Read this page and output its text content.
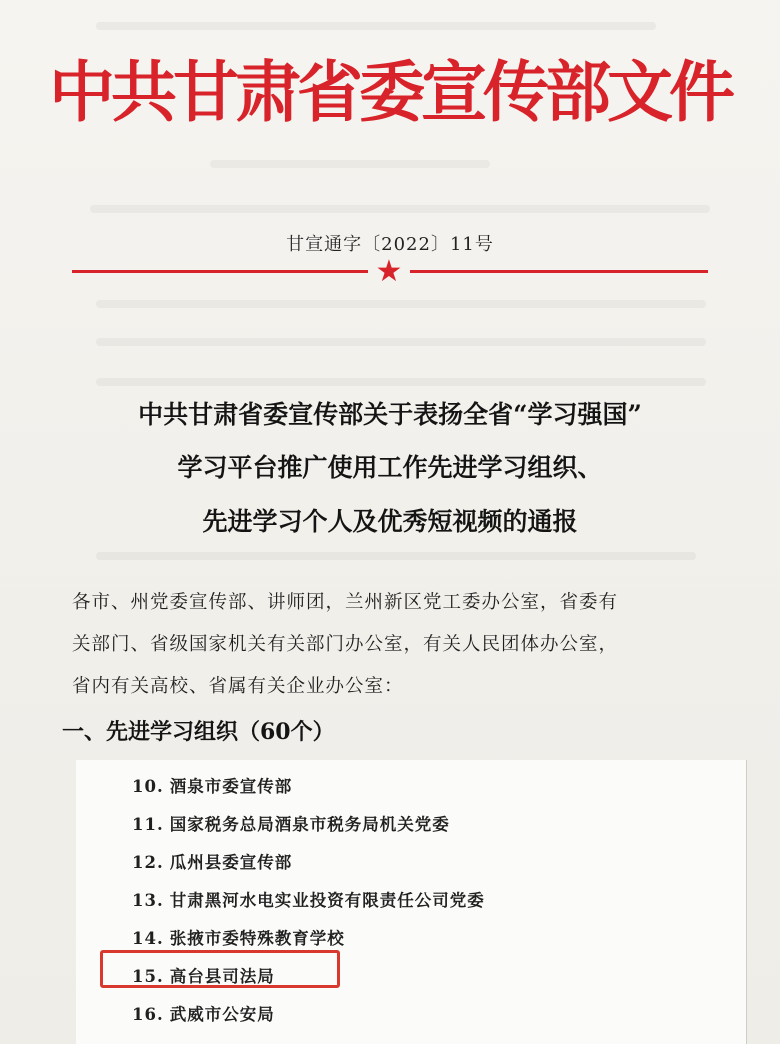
中共甘肃省委宣传部文件
甘宣通字〔2022〕11号
★
中共甘肃省委宣传部关于表扬全省“学习强国”
学习平台推广使用工作先进学习组织、
先进学习个人及优秀短视频的通报
各市、州党委宣传部、讲师团，兰州新区党工委办公室，省委有
关部门、省级国家机关有关部门办公室，有关人民团体办公室，
省内有关高校、省属有关企业办公室：
一、先进学习组织（60个）
10. 酒泉市委宣传部
11. 国家税务总局酒泉市税务局机关党委
12. 瓜州县委宣传部
13. 甘肃黑河水电实业投资有限责任公司党委
14. 张掖市委特殊教育学校
15. 高台县司法局
16. 武威市公安局
